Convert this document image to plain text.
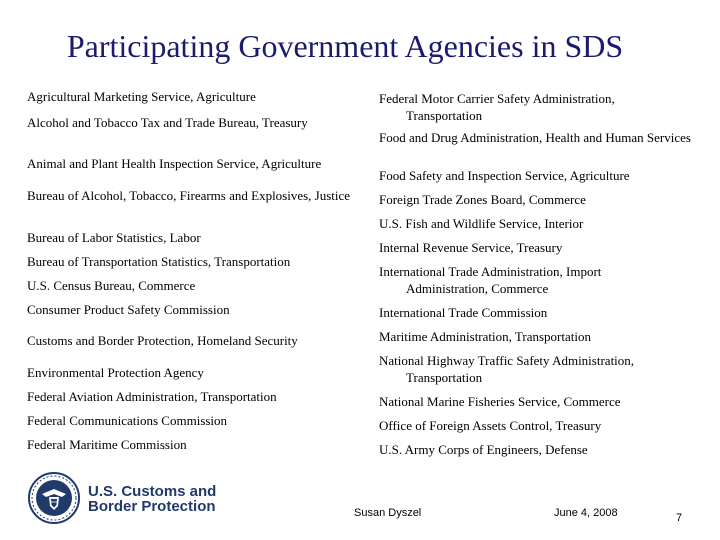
Participating Government Agencies in SDS
Agricultural Marketing Service, Agriculture
Alcohol and Tobacco Tax and Trade Bureau, Treasury
Animal and Plant Health Inspection Service, Agriculture
Bureau of Alcohol, Tobacco, Firearms and Explosives, Justice
Bureau of Labor Statistics, Labor
Bureau of Transportation Statistics, Transportation
U.S. Census Bureau, Commerce
Consumer Product Safety Commission
Customs and Border Protection, Homeland Security
Environmental Protection Agency
Federal Aviation Administration, Transportation
Federal Communications Commission
Federal Maritime Commission
Federal Motor Carrier Safety Administration, Transportation
Food and Drug Administration, Health and Human Services
Food Safety and Inspection Service, Agriculture
Foreign Trade Zones Board, Commerce
U.S. Fish and Wildlife Service, Interior
Internal Revenue Service, Treasury
International Trade Administration, Import Administration, Commerce
International Trade Commission
Maritime Administration, Transportation
National Highway Traffic Safety Administration, Transportation
National Marine Fisheries Service, Commerce
Office of Foreign Assets Control, Treasury
U.S. Army Corps of Engineers, Defense
U.S. Customs and
Border Protection	Susan Dyszel	June 4, 2008	7
